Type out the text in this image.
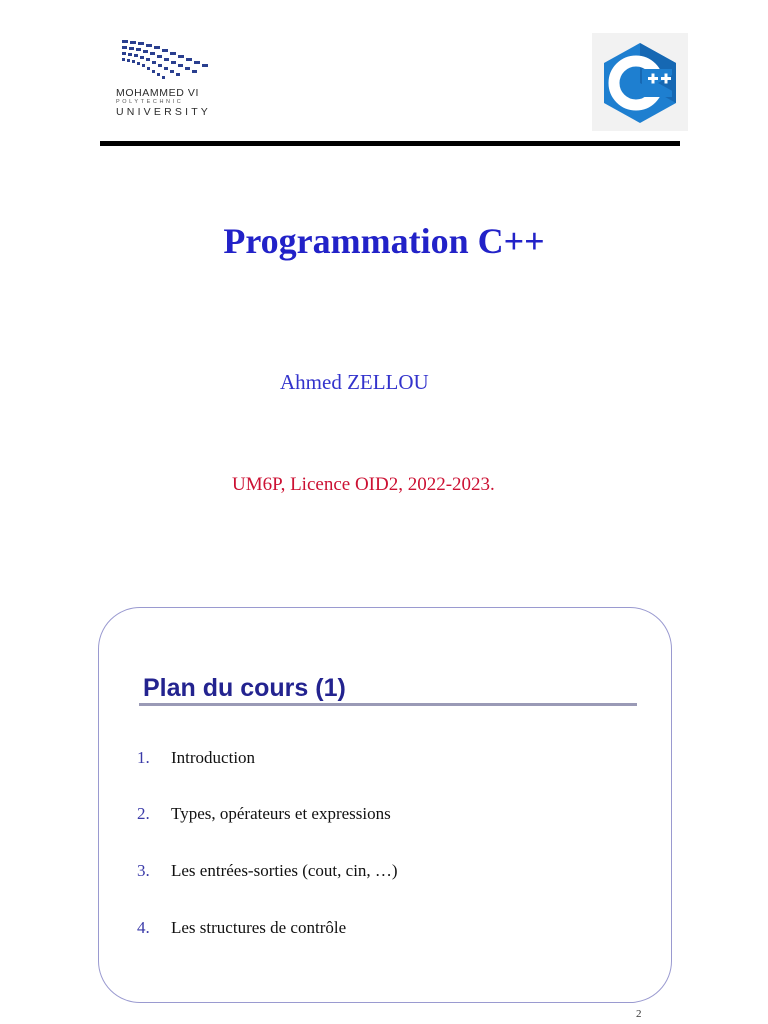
MOHAMMED VI
POLYTECHNIC
UNIVERSITY
Programmation C++
Ahmed ZELLOU
UM6P, Licence OID2, 2022-2023.
Plan du cours (1)
1. Introduction
2. Types, opérateurs et expressions
3. Les entrées-sorties (cout, cin, …)
4. Les structures de contrôle
2
